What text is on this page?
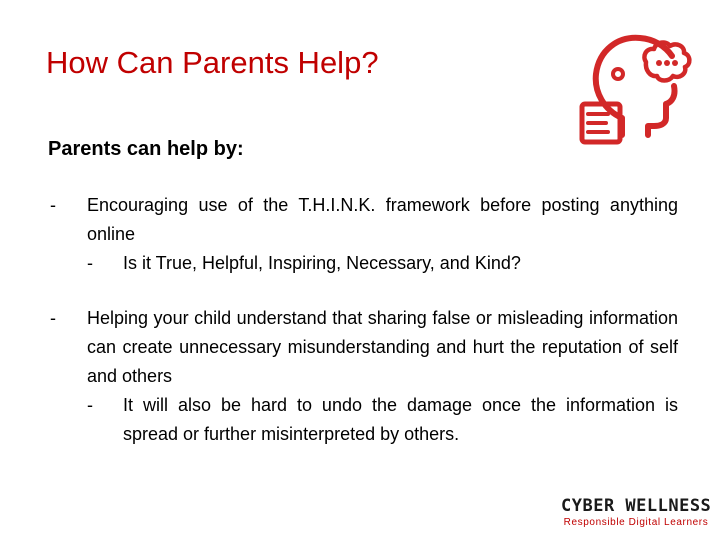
How Can Parents Help?
Parents can help by:
- Encouraging use of the T.H.I.N.K. framework before posting anything online
- Is it True, Helpful, Inspiring, Necessary, and Kind?
- Helping your child understand that sharing false or misleading information can create unnecessary misunderstanding and hurt the reputation of self and others
- It will also be hard to undo the damage once the information is spread or further misinterpreted by others.
CYBER WELLNESS
Responsible Digital Learners
